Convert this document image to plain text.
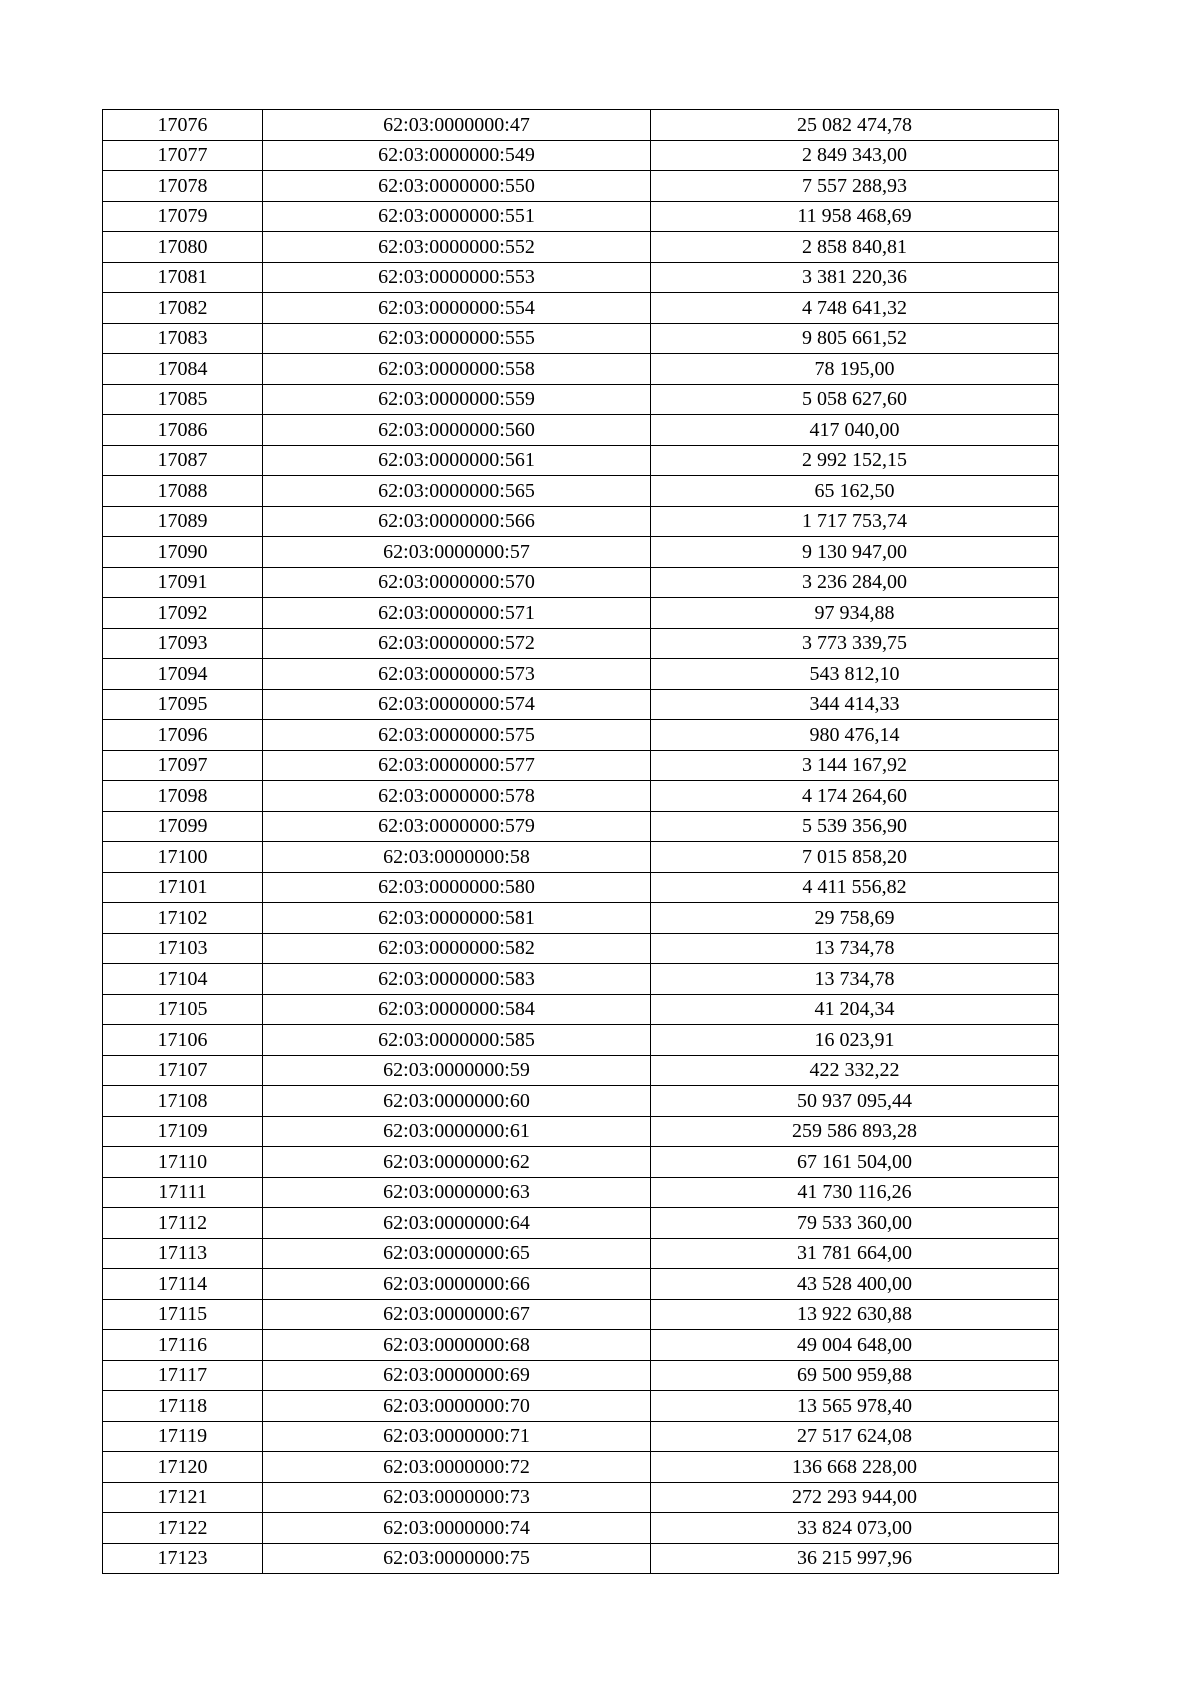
17076	62:03:0000000:47	25 082 474,78
17077	62:03:0000000:549	2 849 343,00
17078	62:03:0000000:550	7 557 288,93
17079	62:03:0000000:551	11 958 468,69
17080	62:03:0000000:552	2 858 840,81
17081	62:03:0000000:553	3 381 220,36
17082	62:03:0000000:554	4 748 641,32
17083	62:03:0000000:555	9 805 661,52
17084	62:03:0000000:558	78 195,00
17085	62:03:0000000:559	5 058 627,60
17086	62:03:0000000:560	417 040,00
17087	62:03:0000000:561	2 992 152,15
17088	62:03:0000000:565	65 162,50
17089	62:03:0000000:566	1 717 753,74
17090	62:03:0000000:57	9 130 947,00
17091	62:03:0000000:570	3 236 284,00
17092	62:03:0000000:571	97 934,88
17093	62:03:0000000:572	3 773 339,75
17094	62:03:0000000:573	543 812,10
17095	62:03:0000000:574	344 414,33
17096	62:03:0000000:575	980 476,14
17097	62:03:0000000:577	3 144 167,92
17098	62:03:0000000:578	4 174 264,60
17099	62:03:0000000:579	5 539 356,90
17100	62:03:0000000:58	7 015 858,20
17101	62:03:0000000:580	4 411 556,82
17102	62:03:0000000:581	29 758,69
17103	62:03:0000000:582	13 734,78
17104	62:03:0000000:583	13 734,78
17105	62:03:0000000:584	41 204,34
17106	62:03:0000000:585	16 023,91
17107	62:03:0000000:59	422 332,22
17108	62:03:0000000:60	50 937 095,44
17109	62:03:0000000:61	259 586 893,28
17110	62:03:0000000:62	67 161 504,00
17111	62:03:0000000:63	41 730 116,26
17112	62:03:0000000:64	79 533 360,00
17113	62:03:0000000:65	31 781 664,00
17114	62:03:0000000:66	43 528 400,00
17115	62:03:0000000:67	13 922 630,88
17116	62:03:0000000:68	49 004 648,00
17117	62:03:0000000:69	69 500 959,88
17118	62:03:0000000:70	13 565 978,40
17119	62:03:0000000:71	27 517 624,08
17120	62:03:0000000:72	136 668 228,00
17121	62:03:0000000:73	272 293 944,00
17122	62:03:0000000:74	33 824 073,00
17123	62:03:0000000:75	36 215 997,96
